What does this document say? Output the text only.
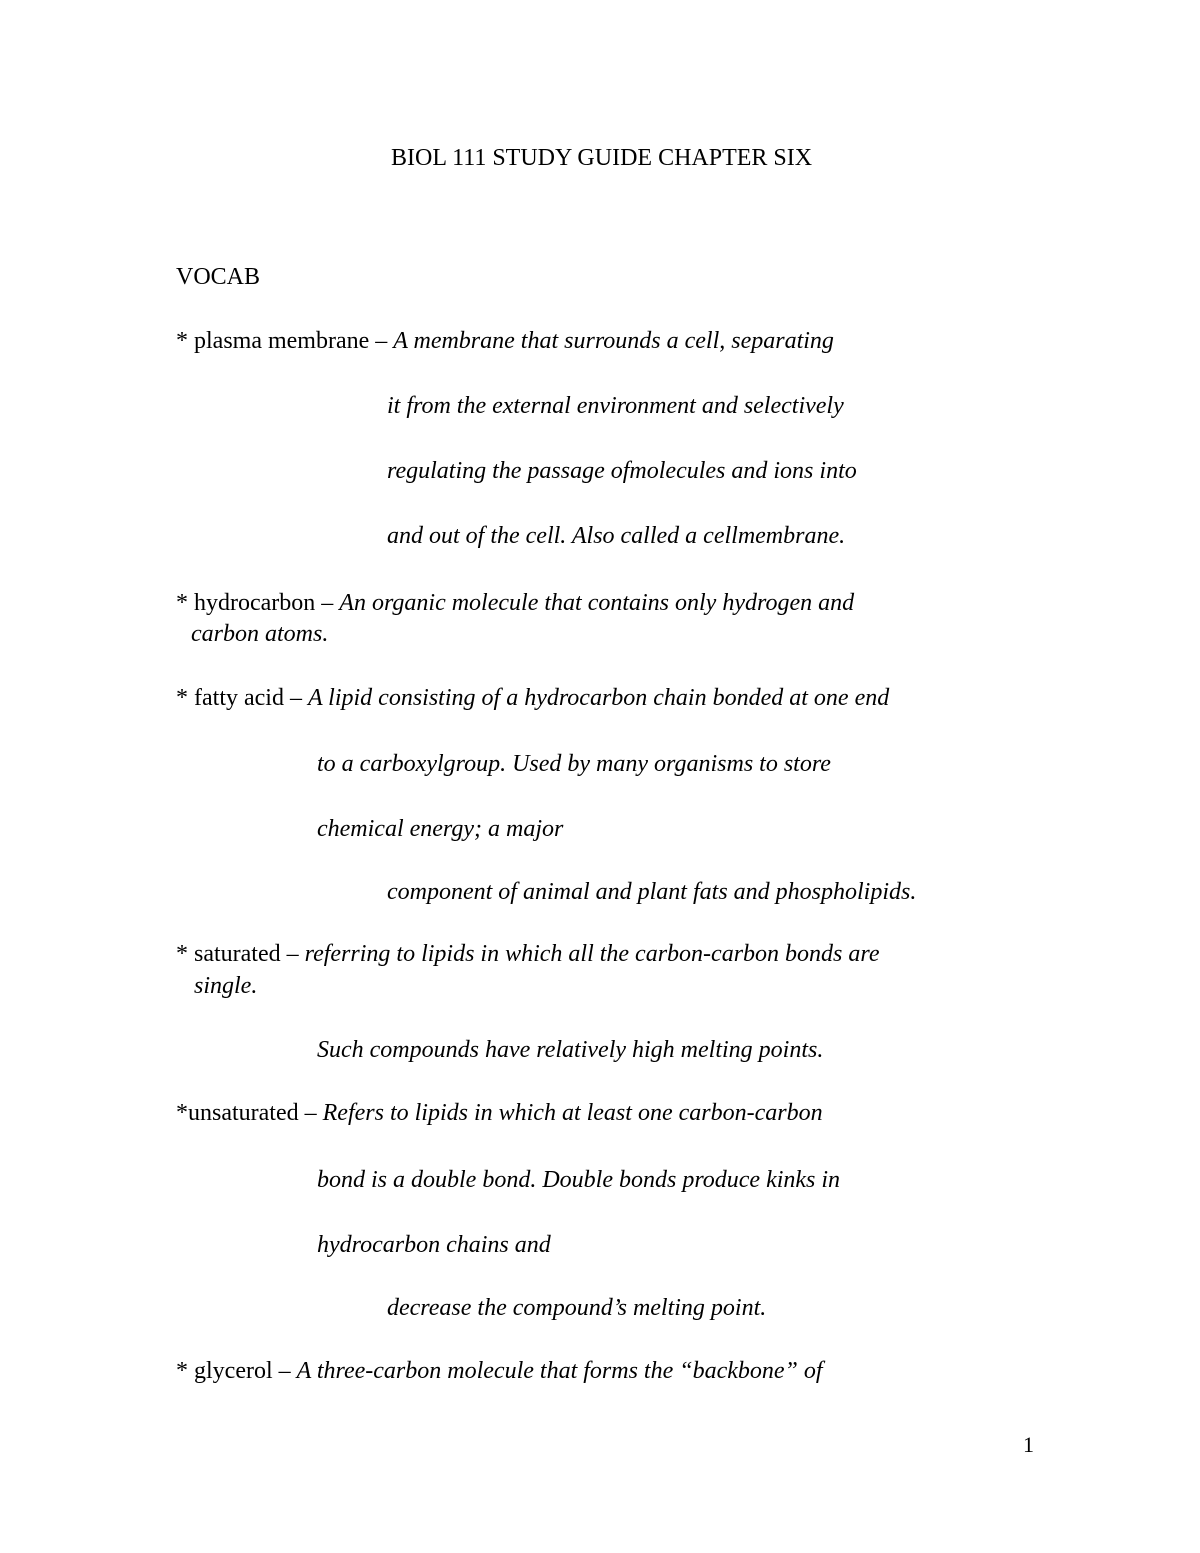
BIOL 111 STUDY GUIDE CHAPTER SIX
VOCAB
* plasma membrane – A membrane that surrounds a cell, separating
it from the external environment and selectively
regulating the passage ofmolecules and ions into
and out of the cell. Also called a cellmembrane.
* hydrocarbon – An organic molecule that contains only hydrogen and
carbon atoms.
* fatty acid – A lipid consisting of a hydrocarbon chain bonded at one end
to a carboxylgroup. Used by many organisms to store
chemical energy; a major
component of animal and plant fats and phospholipids.
* saturated – referring to lipids in which all the carbon-carbon bonds are
single.
Such compounds have relatively high melting points.
*unsaturated – Refers to lipids in which at least one carbon-carbon
bond is a double bond. Double bonds produce kinks in
hydrocarbon chains and
decrease the compound’s melting point.
* glycerol – A three-carbon molecule that forms the “backbone” of
1
